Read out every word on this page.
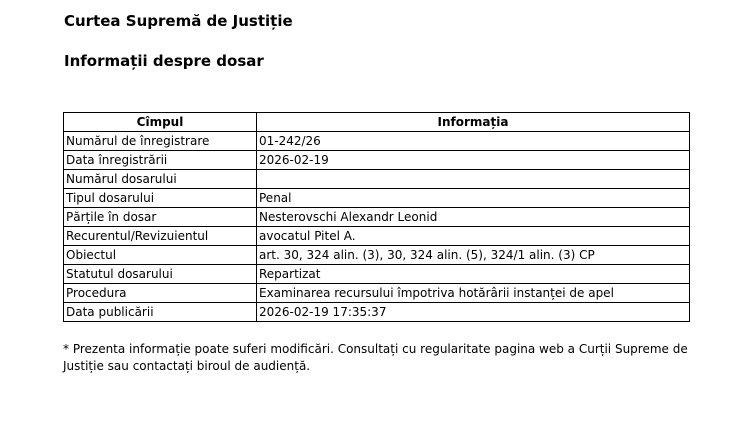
Curtea Supremă de Justiție
Informații despre dosar
Cîmpul	Informația
Numărul de înregistrare	01-242/26
Data înregistrării	2026-02-19
Numărul dosarului	
Tipul dosarului	Penal
Părțile în dosar	Nesterovschi Alexandr Leonid
Recurentul/Revizuientul	avocatul Pitel A.
Obiectul	art. 30, 324 alin. (3), 30, 324 alin. (5), 324/1 alin. (3) CP
Statutul dosarului	Repartizat
Procedura	Examinarea recursului împotriva hotărârii instanței de apel
Data publicării	2026-02-19 17:35:37

* Prezenta informație poate suferi modificări. Consultați cu regularitate pagina web a Curții Supreme de Justiție sau contactați biroul de audiență.
